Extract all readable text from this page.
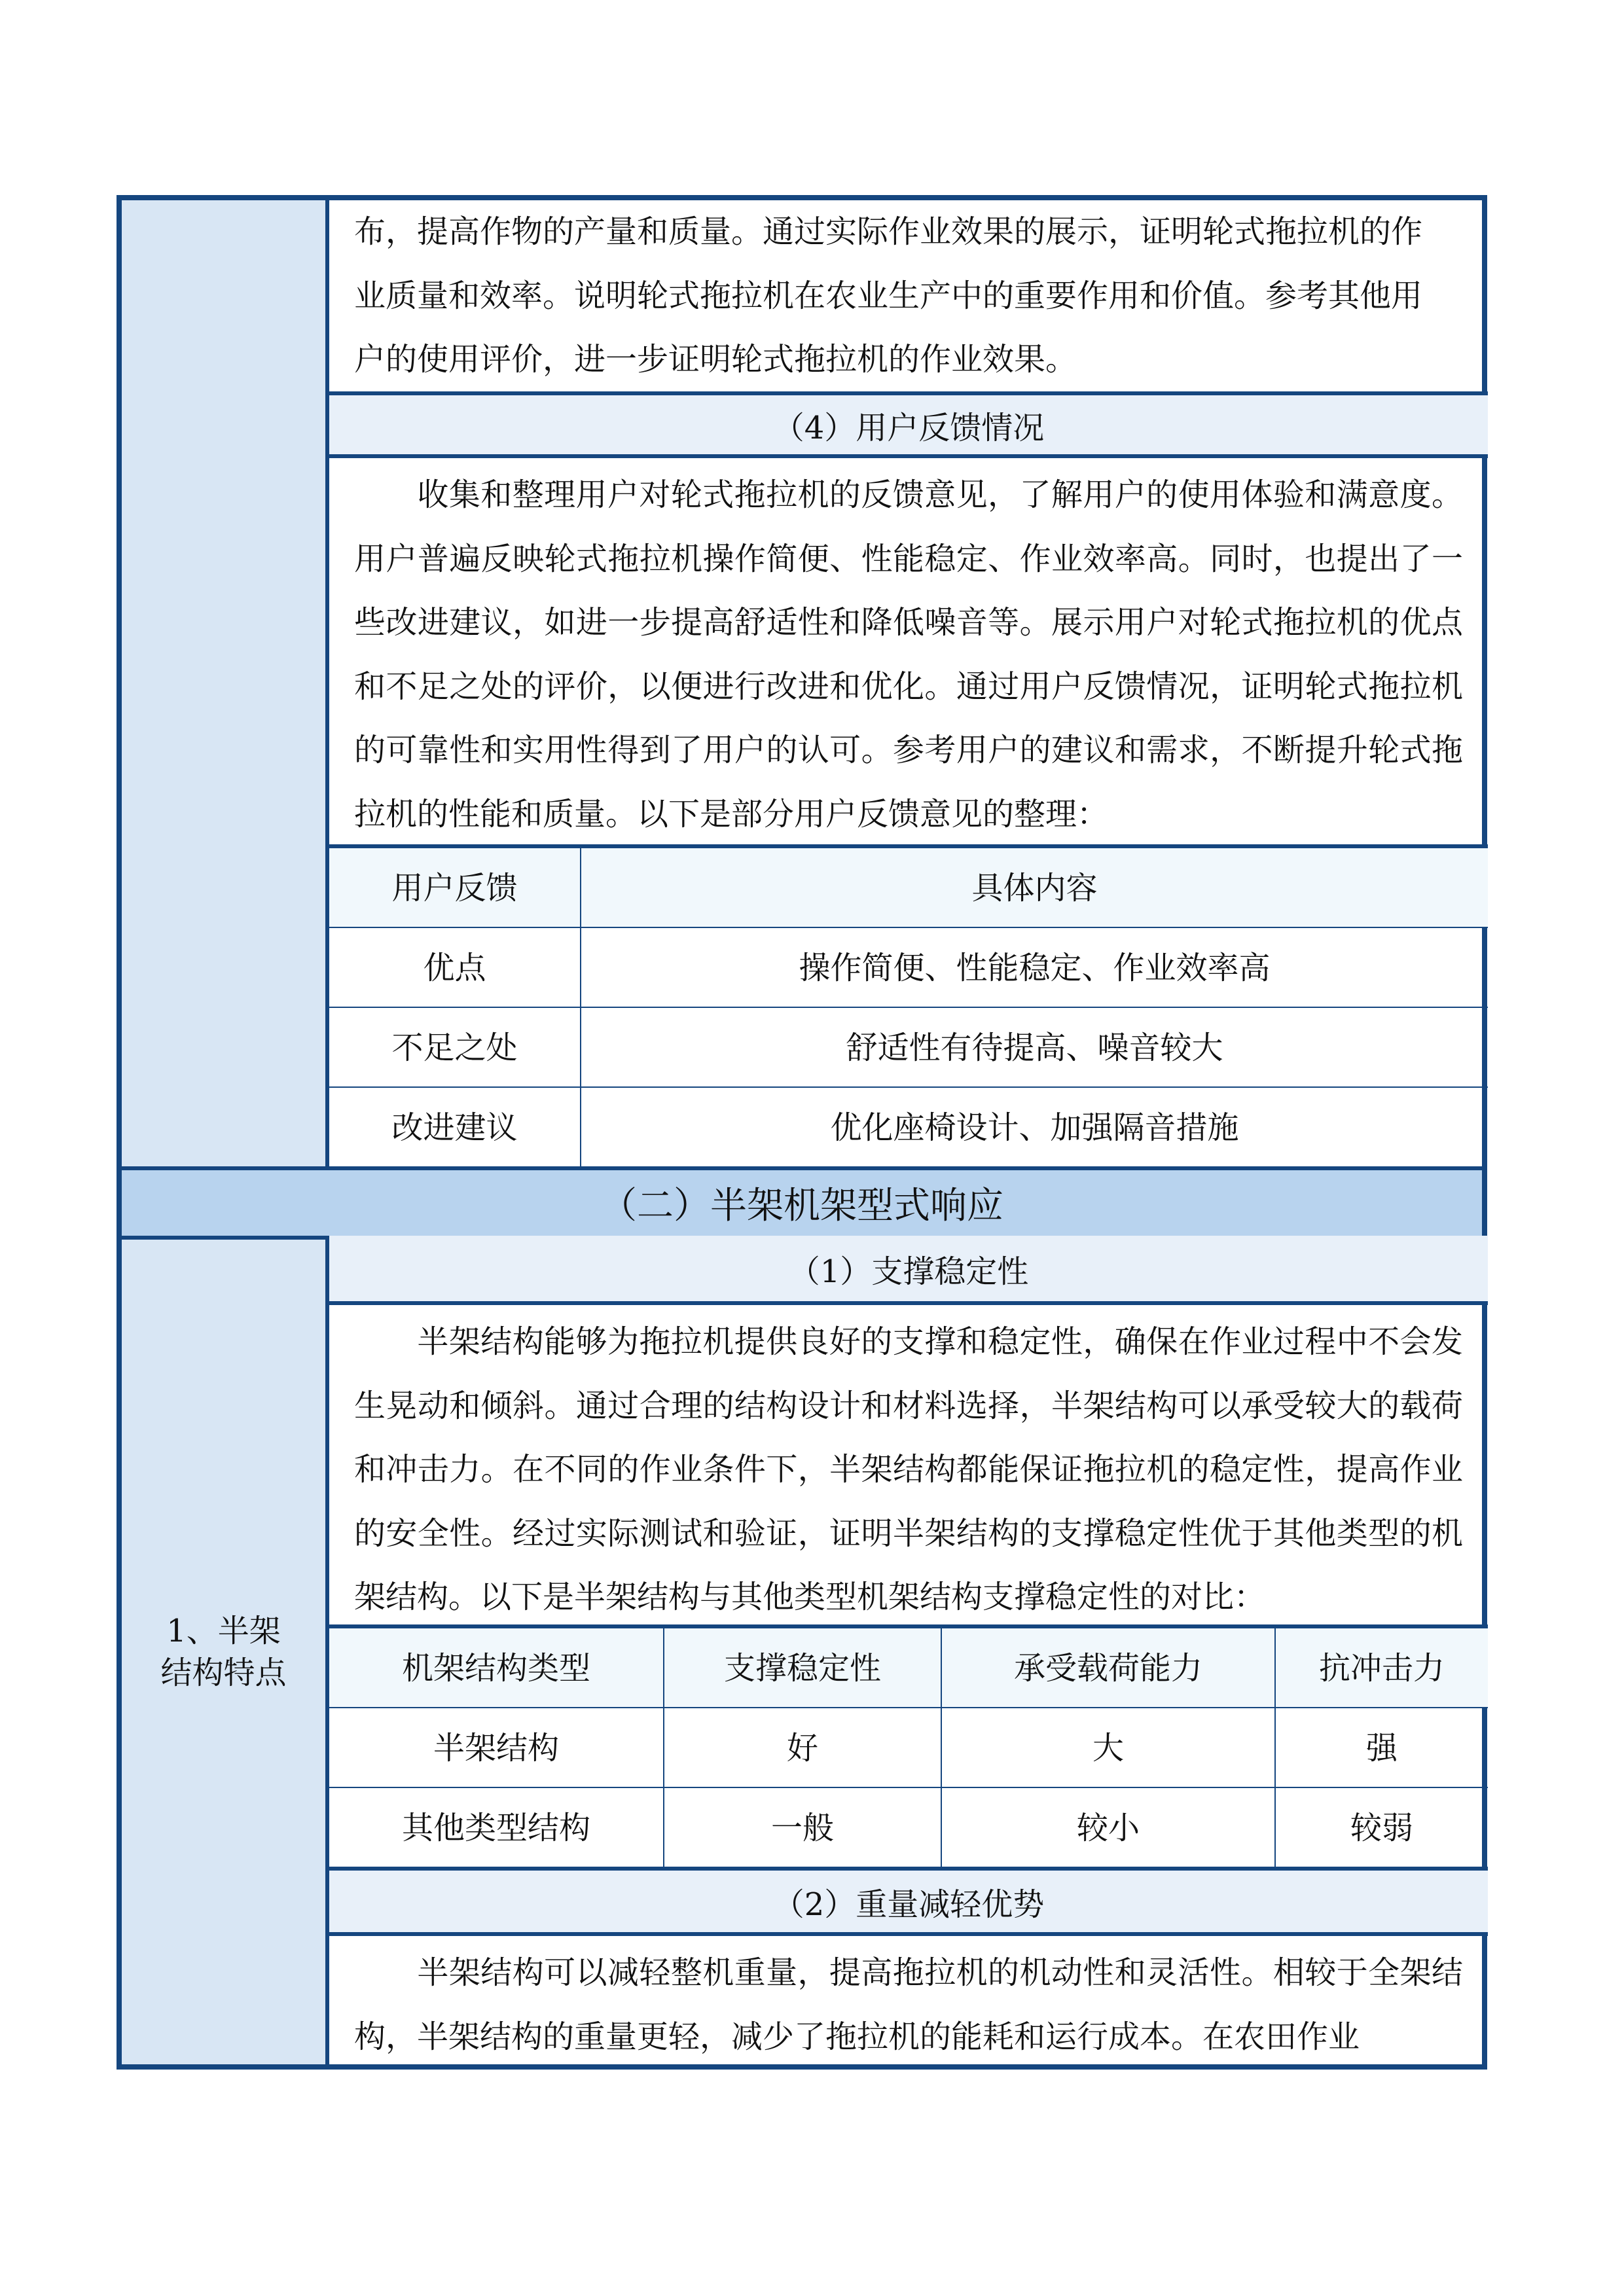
布，提高作物的产量和质量。通过实际作业效果的展示，证明轮式拖拉机的作
业质量和效率。说明轮式拖拉机在农业生产中的重要作用和价值。参考其他用
户的使用评价，进一步证明轮式拖拉机的作业效果。
（4）用户反馈情况
收集和整理用户对轮式拖拉机的反馈意见，了解用户的使用体验和满意度。用户普遍反映轮式拖拉机操作简便、性能稳定、作业效率高。同时，也提出了一些改进建议，如进一步提高舒适性和降低噪音等。展示用户对轮式拖拉机的优点和不足之处的评价，以便进行改进和优化。通过用户反馈情况，证明轮式拖拉机的可靠性和实用性得到了用户的认可。参考用户的建议和需求，不断提升轮式拖拉机的性能和质量。以下是部分用户反馈意见的整理：
用户反馈	具体内容
优点	操作简便、性能稳定、作业效率高
不足之处	舒适性有待提高、噪音较大
改进建议	优化座椅设计、加强隔音措施
（二）半架机架型式响应
1、半架结构特点
（1）支撑稳定性
半架结构能够为拖拉机提供良好的支撑和稳定性，确保在作业过程中不会发生晃动和倾斜。通过合理的结构设计和材料选择，半架结构可以承受较大的载荷和冲击力。在不同的作业条件下，半架结构都能保证拖拉机的稳定性，提高作业的安全性。经过实际测试和验证，证明半架结构的支撑稳定性优于其他类型的机架结构。以下是半架结构与其他类型机架结构支撑稳定性的对比：
机架结构类型	支撑稳定性	承受载荷能力	抗冲击力
半架结构	好	大	强
其他类型结构	一般	较小	较弱
（2）重量减轻优势
半架结构可以减轻整机重量，提高拖拉机的机动性和灵活性。相较于全架结构，半架结构的重量更轻，减少了拖拉机的能耗和运行成本。在农田作业
